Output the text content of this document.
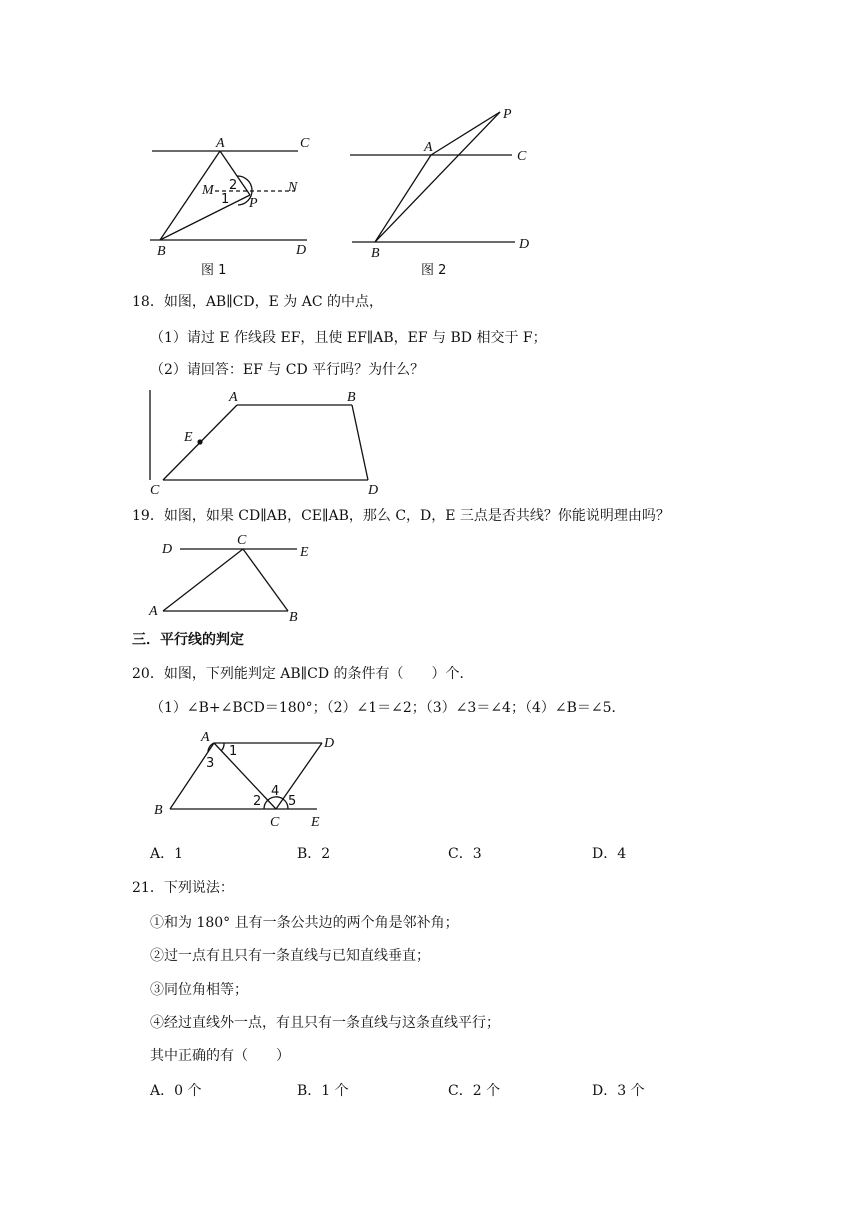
A	C
M	N
2
1 P
B	D
图 1
P
A
C
B
D
图 2
18．如图，AB∥CD，E 为 AC 的中点，
（1）请过 E 作线段 EF，且使 EF∥AB，EF 与 BD 相交于 F；
（2）请回答：EF 与 CD 平行吗？为什么？
A	B
E
C	D
19．如图，如果 CD∥AB，CE∥AB，那么 C，D，E 三点是否共线？你能说明理由吗？
D
C
E
A	B
三．平行线的判定
20．如图，下列能判定 AB∥CD 的条件有（　　）个．
（1）∠B+∠BCD＝180°；（2）∠1＝∠2；（3）∠3＝∠4；（4）∠B＝∠5．
A	D
1
3
2
4
5
B
C E
A．1	B．2	C．3	D．4
21．下列说法：
①和为 180° 且有一条公共边的两个角是邻补角；
②过一点有且只有一条直线与已知直线垂直；
③同位角相等；
④经过直线外一点，有且只有一条直线与这条直线平行；
其中正确的有（　　）
A．0 个	B．1 个	C．2 个	D．3 个
